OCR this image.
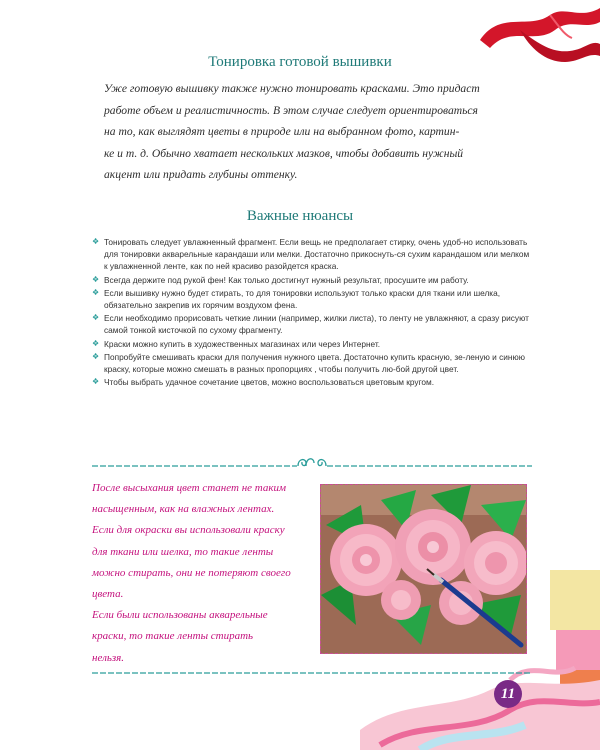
Тонировка готовой вышивки
Уже готовую вышивку также нужно тонировать красками. Это придаст
работе объем и реалистичность. В этом случае следует ориентироваться
на то, как выглядят цветы в природе или на выбранном фото, картин-
ке и т. д. Обычно хватает нескольких мазков, чтобы добавить нужный
акцент или придать глубины оттенку.
Важные нюансы
❖ Тонировать следует увлажненный фрагмент. Если вещь не предполагает стирку, очень удоб-но использовать для тонировки акварельные карандаши или мелки. Достаточно прикоснуть-ся сухим карандашом или мелком к увлажненной ленте, как по ней красиво разойдется краска.
❖ Всегда держите под рукой фен! Как только достигнут нужный результат, просушите им работу.
❖ Если вышивку нужно будет стирать, то для тонировки используют только краски для ткани или шелка, обязательно закрепив их горячим воздухом фена.
❖ Если необходимо прорисовать четкие линии (например, жилки листа), то ленту не увлажняют, а сразу рисуют самой тонкой кисточкой по сухому фрагменту.
❖ Краски можно купить в художественных магазинах или через Интернет.
❖ Попробуйте смешивать краски для получения нужного цвета. Достаточно купить красную, зе-леную и синюю краску, которые можно смешать в разных пропорциях , чтобы получить лю-бой другой цвет.
❖ Чтобы выбрать удачное сочетание цветов, можно воспользоваться цветовым кругом.
После высыхания цвет станет не таким
насыщенным, как на влажных лентах.
Если для окраски вы использовали краску
для ткани или шелка, то такие ленты
можно стирать, они не потеряют своего
цвета.
Если были использованы акварельные
краски, то такие ленты стирать
нельзя.
11
